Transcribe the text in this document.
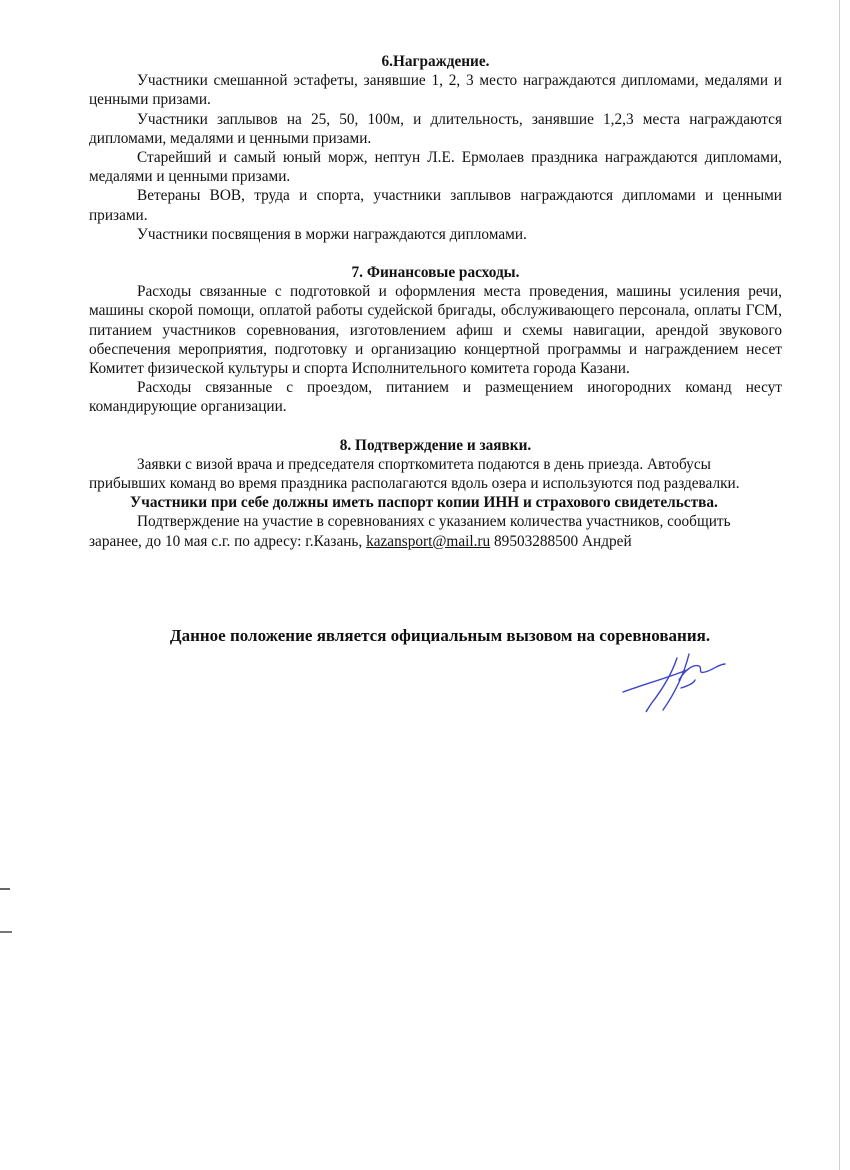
6.Награждение.

Участники смешанной эстафеты, занявшие 1, 2, 3 место награждаются дипломами, медалями и ценными призами.

Участники заплывов на 25, 50, 100м, и длительность, занявшие 1,2,3 места награждаются дипломами, медалями и ценными призами.

Старейший и самый юный морж, нептун Л.Е. Ермолаев праздника награждаются дипломами, медалями и ценными призами.

Ветераны ВОВ, труда и спорта, участники заплывов награждаются дипломами и ценными призами.

Участники посвящения в моржи награждаются дипломами.

7. Финансовые расходы.

Расходы связанные с подготовкой и оформления места проведения, машины усиления речи, машины скорой помощи, оплатой работы судейской бригады, обслуживающего персонала, оплаты ГСМ, питанием участников соревнования, изготовлением афиш и схемы навигации, арендой звукового обеспечения мероприятия, подготовку и организацию концертной программы и награждением несет Комитет физической культуры и спорта Исполнительного комитета города Казани.

Расходы связанные с проездом, питанием и размещением иногородних команд несут командирующие организации.

8. Подтверждение и заявки.

Заявки с визой врача и председателя спорткомитета подаются в день приезда. Автобусы прибывших команд во время праздника располагаются вдоль озера и используются под раздевалки.

Участники при себе должны иметь паспорт копии ИНН и страхового свидетельства.

Подтверждение на участие в соревнованиях с указанием количества участников, сообщить заранее, до 10 мая с.г. по адресу: г.Казань, kazansport@mail.ru 89503288500 Андрей

Данное положение является официальным вызовом на соревнования.
